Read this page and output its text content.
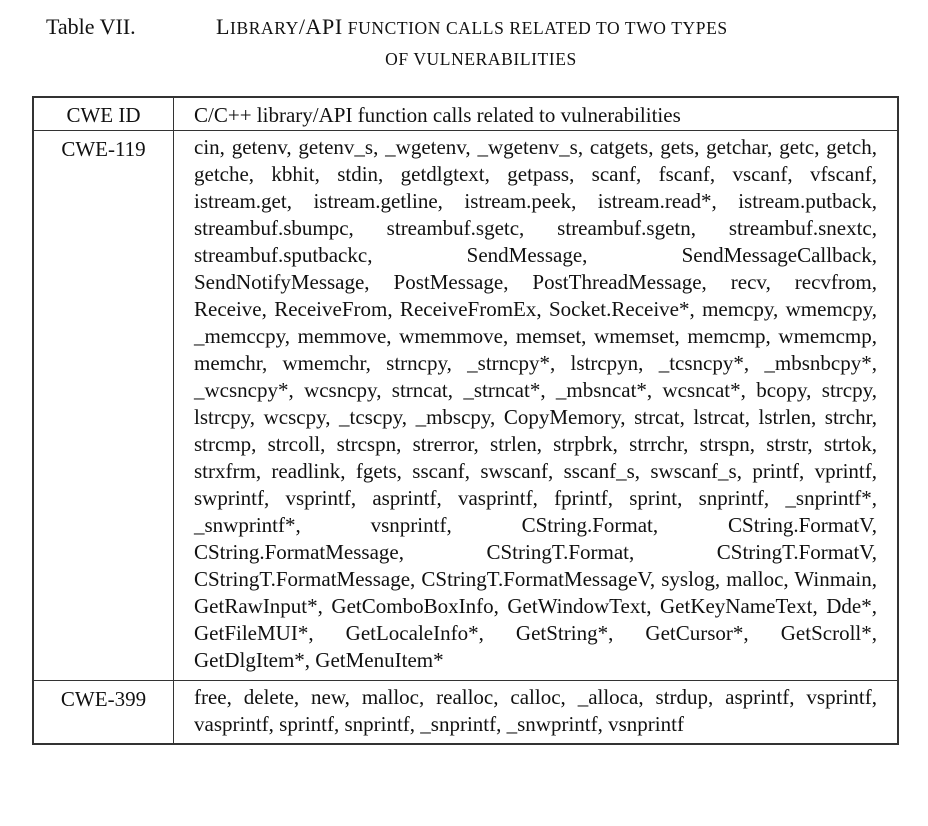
Table VII.	LIBRARY/API FUNCTION CALLS RELATED TO TWO TYPES
OF VULNERABILITIES
CWE ID	C/C++ library/API function calls related to vulnerabilities

CWE-119	cin, getenv, getenv_s, _wgetenv, _wgetenv_s, catgets, gets, getchar, getc, getch, getche, kbhit, stdin, getdlgtext, getpass, scanf, fscanf, vscanf, vfscanf, istream.get, istream.getline, istream.peek, istream.read*, istream.putback, streambuf.sbumpc, streambuf.sgetc, streambuf.sgetn, streambuf.snextc, streambuf.sputbackc, SendMessage, SendMessageCallback, SendNotifyMessage, PostMessage, PostThreadMessage, recv, recvfrom, Receive, ReceiveFrom, ReceiveFromEx, Socket.Receive*, memcpy, wmemcpy, _memccpy, memmove, wmemmove, memset, wmemset, memcmp, wmemcmp, memchr, wmemchr, strncpy, _strncpy*, lstrcpyn, _tcsncpy*, _mbsnbcpy*, _wcsncpy*, wcsncpy, strncat, _strncat*, _mbsncat*, wcsncat*, bcopy, strcpy, lstrcpy, wcscpy, _tcscpy, _mbscpy, CopyMemory, strcat, lstrcat, lstrlen, strchr, strcmp, strcoll, strcspn, strerror, strlen, strpbrk, strrchr, strspn, strstr, strtok, strxfrm, readlink, fgets, sscanf, swscanf, sscanf_s, swscanf_s, printf, vprintf, swprintf, vsprintf, asprintf, vasprintf, fprintf, sprint, snprintf, _snprintf*, _snwprintf*, vsnprintf, CString.Format, CString.FormatV, CString.FormatMessage, CStringT.Format, CStringT.FormatV, CStringT.FormatMessage, CStringT.FormatMessageV, syslog, malloc, Winmain, GetRawInput*, GetComboBoxInfo, GetWindowText, GetKeyNameText, Dde*, GetFileMUI*, GetLocaleInfo*, GetString*, GetCursor*, GetScroll*, GetDlgItem*, GetMenuItem*

CWE-399	free, delete, new, malloc, realloc, calloc, _alloca, strdup, asprintf, vsprintf, vasprintf, sprintf, snprintf, _snprintf, _snwprintf, vsnprintf
